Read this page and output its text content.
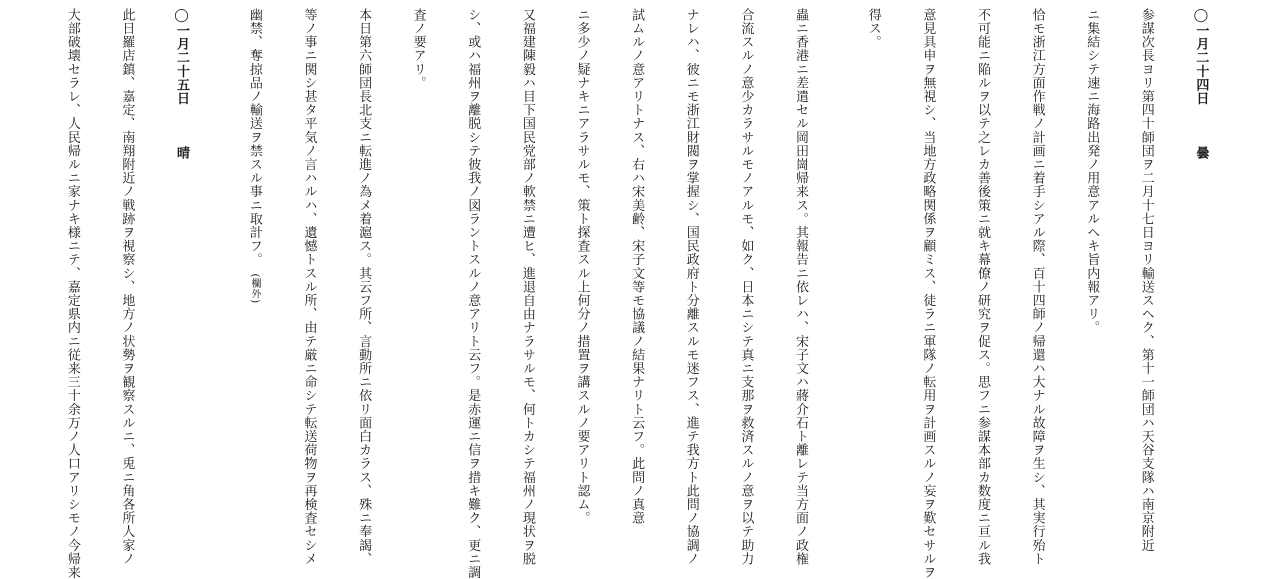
◯一月二十四日　　　曇

参謀次長ヨリ第四十師団ヲ二月十七日ヨリ輸送スヘク、第十一師団ハ天谷支隊ハ南京附近

ニ集結シテ速ニ海路出発ノ用意アルヘキ旨内報アリ。

恰モ浙江方面作戦ノ計画ニ着手シアル際、百十四師ノ帰還ハ大ナル故障ヲ生シ、其実行殆ト

不可能ニ陥ルヲ以テ之レカ善後策ニ就キ幕僚ノ研究ヲ促ス。思フニ参謀本部カ数度ニ亘ル我

意見具申ヲ無視シ、当地方政略関係ヲ顧ミス、徒ラニ軍隊ノ転用ヲ計画スルノ妄ヲ歎セサルヲ

得ス。

蟲ニ香港ニ差遣セル岡田崗帰来ス。其報告ニ依レハ、宋子文ハ蔣介石ト離レテ当方面ノ政権

合流スルノ意少カラサルモノアルモ、如ク、日本ニシテ真ニ支那ヲ救済スルノ意ヲ以テ助力

ナレハ、彼ニモ浙江財閥ヲ掌握シ、国民政府ト分離スルモ迷フス、進テ我方ト此問ノ協調ノ

試ムルノ意アリトナス、右ハ宋美齢、宋子文等モ協議ノ結果ナリト云フ。此問ノ真意

ニ多少ノ疑ナキニアラサルモ、策ト探査スル上何分ノ措置ヲ講スルノ要アリト認ム。

又福建陳毅ハ目下国民党部ノ軟禁ニ遭ヒ、進退自由ナラサルモ、何トカシテ福州ノ現状ヲ脱

シ、或ハ福州ヲ離脱シテ彼我ノ図ラントスルノ意アリト云フ。是赤運ニ信ヲ措キ難ク、更ニ調

査ノ要アリ。

本日第六師団長北支ニ転進ノ為メ着滬ス。其云フ所、言動所ニ依リ面白カラス、殊ニ奉謁、

等ノ事ニ関シ甚タ平気ノ言ハルハ、遺憾トスル所、由テ厳ニ命シテ転送荷物ヲ再検査セシメ

幽禁、奪掠品ノ輸送ヲ禁スル事ニ取計フ。　(欄外)

◯一月二十五日　　　晴

此日羅店鎮、嘉定、南翔附近ノ戦跡ヲ視察シ、地方ノ状勢ヲ観察スルニ、兎ニ角各所人家ノ

大部破壊セラレ、人民帰ルニ家ナキ様ニテ、嘉定県内ニ従来三十余万ノ人口アリシモノ今帰来
